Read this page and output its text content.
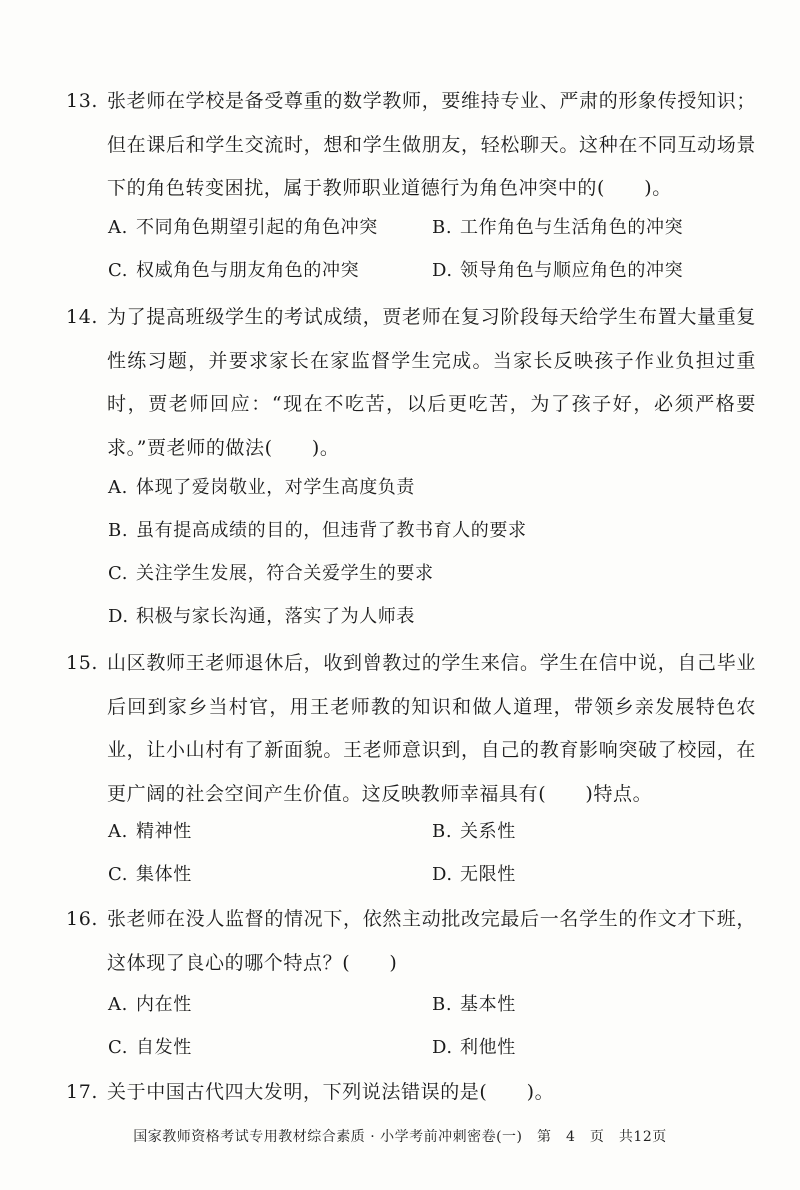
13. 张老师在学校是备受尊重的数学教师，要维持专业、严肃的形象传授知识；但在课后和学生交流时，想和学生做朋友，轻松聊天。这种在不同互动场景下的角色转变困扰，属于教师职业道德行为角色冲突中的(　　)。
A. 不同角色期望引起的角色冲突	B. 工作角色与生活角色的冲突
C. 权威角色与朋友角色的冲突	D. 领导角色与顺应角色的冲突
14. 为了提高班级学生的考试成绩，贾老师在复习阶段每天给学生布置大量重复性练习题，并要求家长在家监督学生完成。当家长反映孩子作业负担过重时，贾老师回应：“现在不吃苦，以后更吃苦，为了孩子好，必须严格要求。”贾老师的做法(　　)。
A. 体现了爱岗敬业，对学生高度负责
B. 虽有提高成绩的目的，但违背了教书育人的要求
C. 关注学生发展，符合关爱学生的要求
D. 积极与家长沟通，落实了为人师表
15. 山区教师王老师退休后，收到曾教过的学生来信。学生在信中说，自己毕业后回到家乡当村官，用王老师教的知识和做人道理，带领乡亲发展特色农业，让小山村有了新面貌。王老师意识到，自己的教育影响突破了校园，在更广阔的社会空间产生价值。这反映教师幸福具有(　　)特点。
A. 精神性	B. 关系性
C. 集体性	D. 无限性
16. 张老师在没人监督的情况下，依然主动批改完最后一名学生的作文才下班，这体现了良心的哪个特点？(　　)
A. 内在性	B. 基本性
C. 自发性	D. 利他性
17. 关于中国古代四大发明，下列说法错误的是(　　)。
国家教师资格考试专用教材综合素质 · 小学考前冲刺密卷(一)　第　4　页　共12页
